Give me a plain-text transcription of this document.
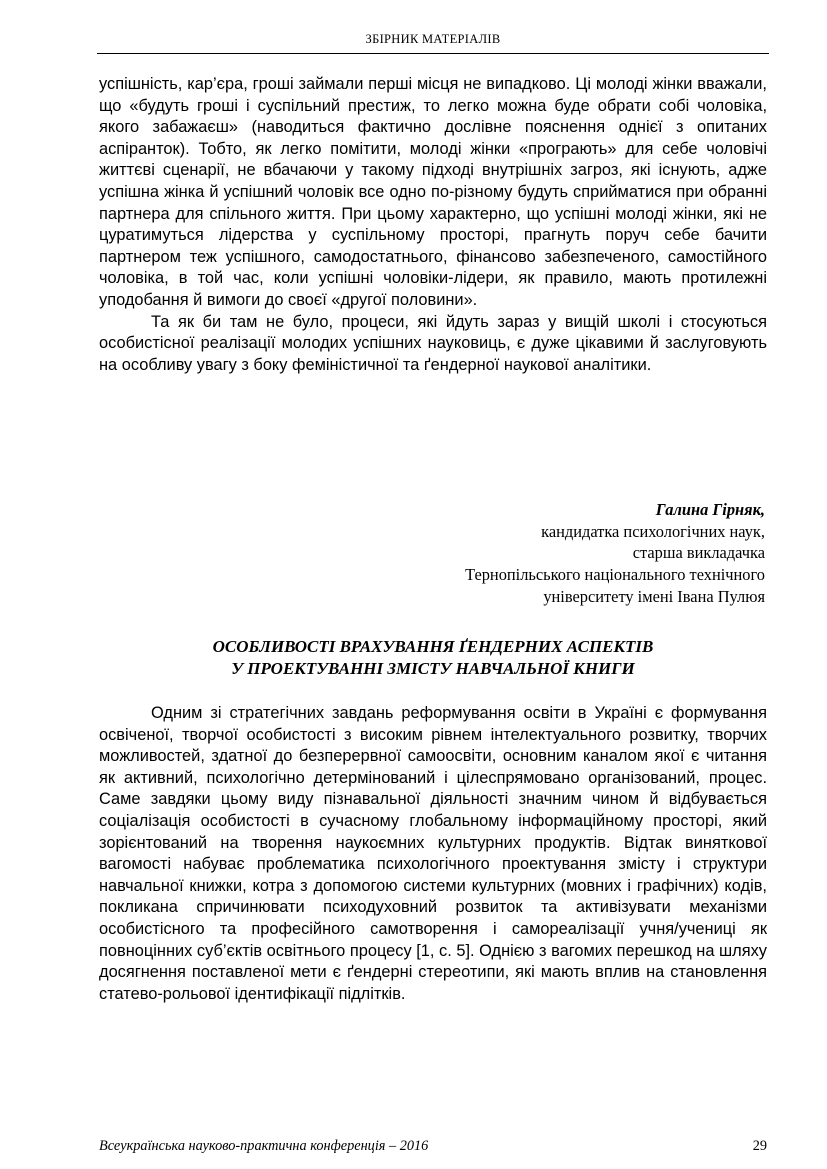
ЗБІРНИК МАТЕРІАЛІВ

успішність, кар’єра, гроші займали перші місця не випадково. Ці молоді жінки вважали, що «будуть гроші і суспільний престиж, то легко можна буде обрати собі чоловіка, якого забажаєш» (наводиться фактично дослівне пояснення однієї з опитаних аспіранток). Тобто, як легко помітити, молоді жінки «програють» для себе чоловічі життєві сценарії, не вбачаючи у такому підході внутрішніх загроз, які існують, адже успішна жінка й успішний чоловік все одно по-різному будуть сприйматися при обранні партнера для спільного життя. При цьому характерно, що успішні молоді жінки, які не цуратимуться лідерства у суспільному просторі, прагнуть поруч себе бачити партнером теж успішного, самодостатнього, фінансово забезпеченого, самостійного чоловіка, в той час, коли успішні чоловіки-лідери, як правило, мають протилежні уподобання й вимоги до своєї «другої половини».

Та як би там не було, процеси, які йдуть зараз у вищій школі і стосуються особистісної реалізації молодих успішних науковиць, є дуже цікавими й заслуговують на особливу увагу з боку феміністичної та ґендерної наукової аналітики.

Галина Гірняк,
кандидатка психологічних наук,
старша викладачка
Тернопільського національного технічного
університету імені Івана Пулюя
ОСОБЛИВОСТІ ВРАХУВАННЯ ҐЕНДЕРНИХ АСПЕКТІВ
У ПРОЕКТУВАННІ ЗМІСТУ НАВЧАЛЬНОЇ КНИГИ

Одним зі стратегічних завдань реформування освіти в Україні є формування освіченої, творчої особистості з високим рівнем інтелектуального розвитку, творчих можливостей, здатної до безперервної самоосвіти, основним каналом якої є читання як активний, психологічно детермінований і цілеспрямовано організований, процес. Саме завдяки цьому виду пізнавальної діяльності значним чином й відбувається соціалізація особистості в сучасному глобальному інформаційному просторі, який зорієнтований на творення наукоємних культурних продуктів. Відтак виняткової вагомості набуває проблематика психологічного проектування змісту і структури навчальної книжки, котра з допомогою системи культурних (мовних і графічних) кодів, покликана спричинювати психодуховний розвиток та активізувати механізми особистісного та професійного самотворення і самореалізації учня/учениці як повноцінних суб’єктів освітнього процесу [1, с. 5]. Однією з вагомих перешкод на шляху досягнення поставленої мети є ґендерні стереотипи, які мають вплив на становлення статево-рольової ідентифікації підлітків.

Всеукраїнська науково-практична конференція – 2016	29
